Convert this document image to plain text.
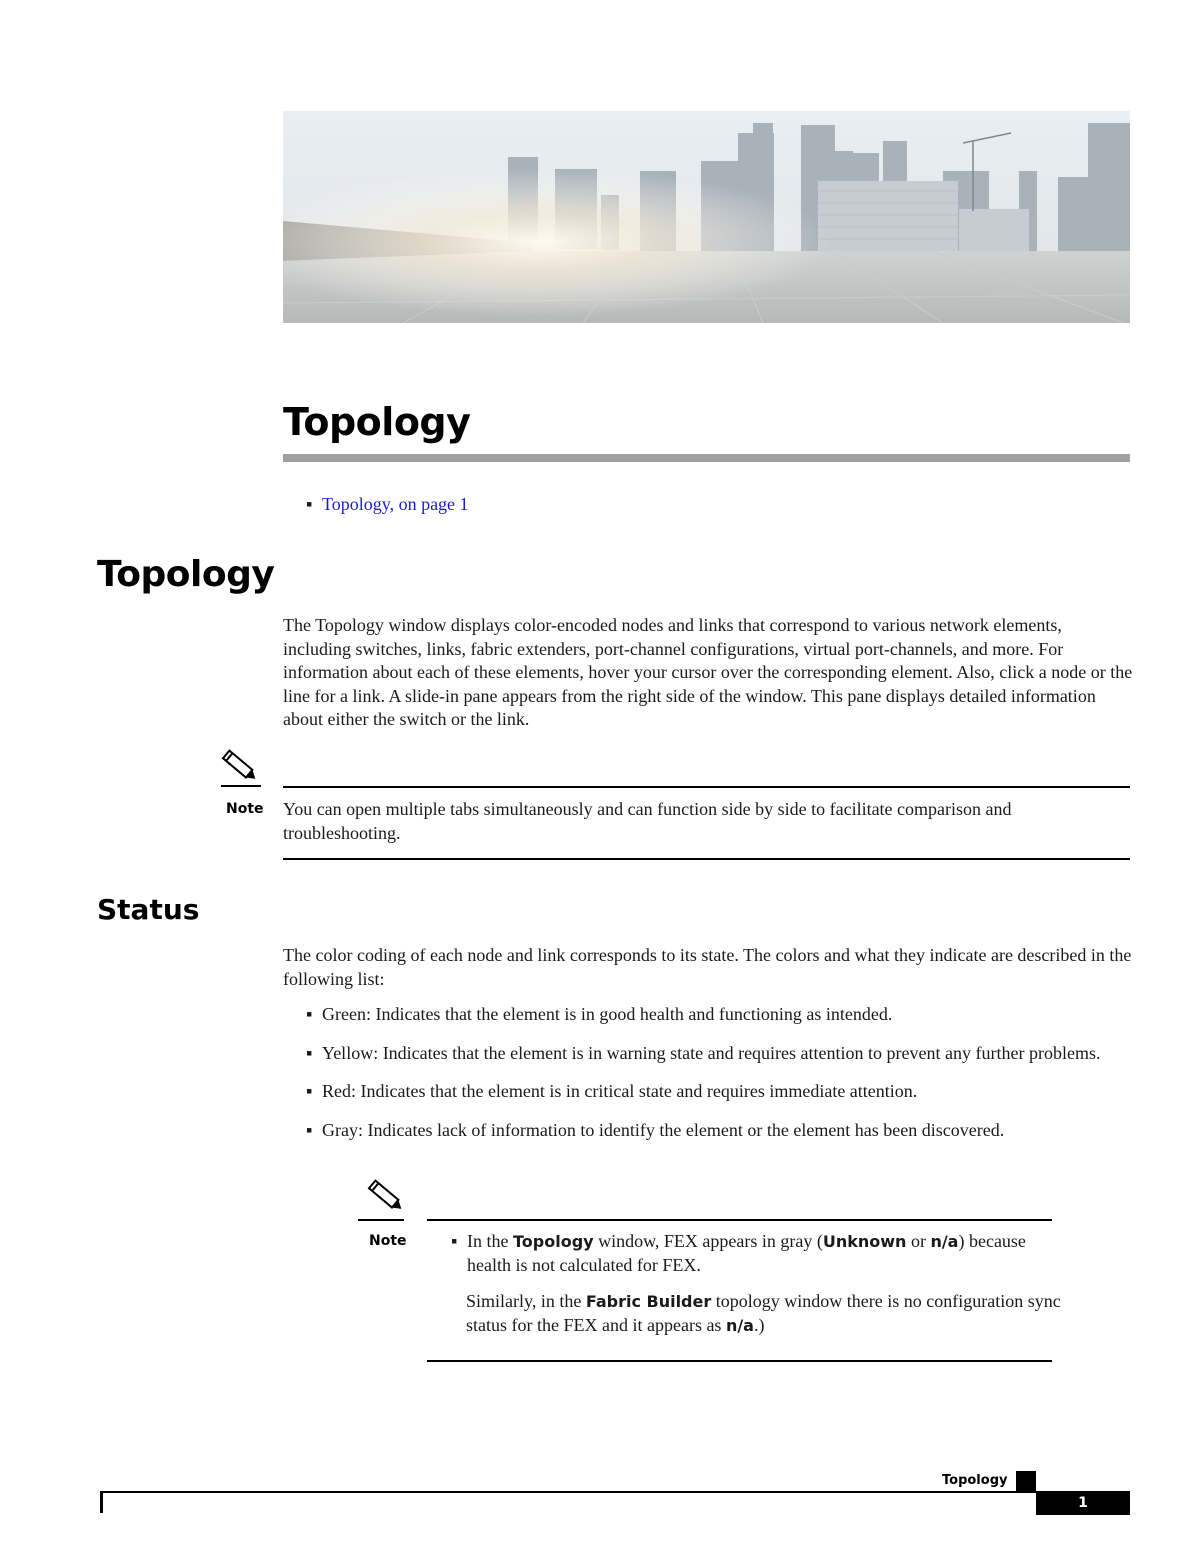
Topology
▪ Topology, on page 1
Topology

The Topology window displays color-encoded nodes and links that correspond to various network elements, including switches, links, fabric extenders, port-channel configurations, virtual port-channels, and more. For information about each of these elements, hover your cursor over the corresponding element. Also, click a node or the line for a link. A slide-in pane appears from the right side of the window. This pane displays detailed information about either the switch or the link.

Note You can open multiple tabs simultaneously and can function side by side to facilitate comparison and troubleshooting.

Status

The color coding of each node and link corresponds to its state. The colors and what they indicate are described in the following list:

▪ Green: Indicates that the element is in good health and functioning as intended.
▪ Yellow: Indicates that the element is in warning state and requires attention to prevent any further problems.
▪ Red: Indicates that the element is in critical state and requires immediate attention.
▪ Gray: Indicates lack of information to identify the element or the element has been discovered.
Note ▪ In the Topology window, FEX appears in gray (Unknown or n/a) because health is not calculated for FEX.

Similarly, in the Fabric Builder topology window there is no configuration sync status for the FEX and it appears as n/a.)

Topology
1
